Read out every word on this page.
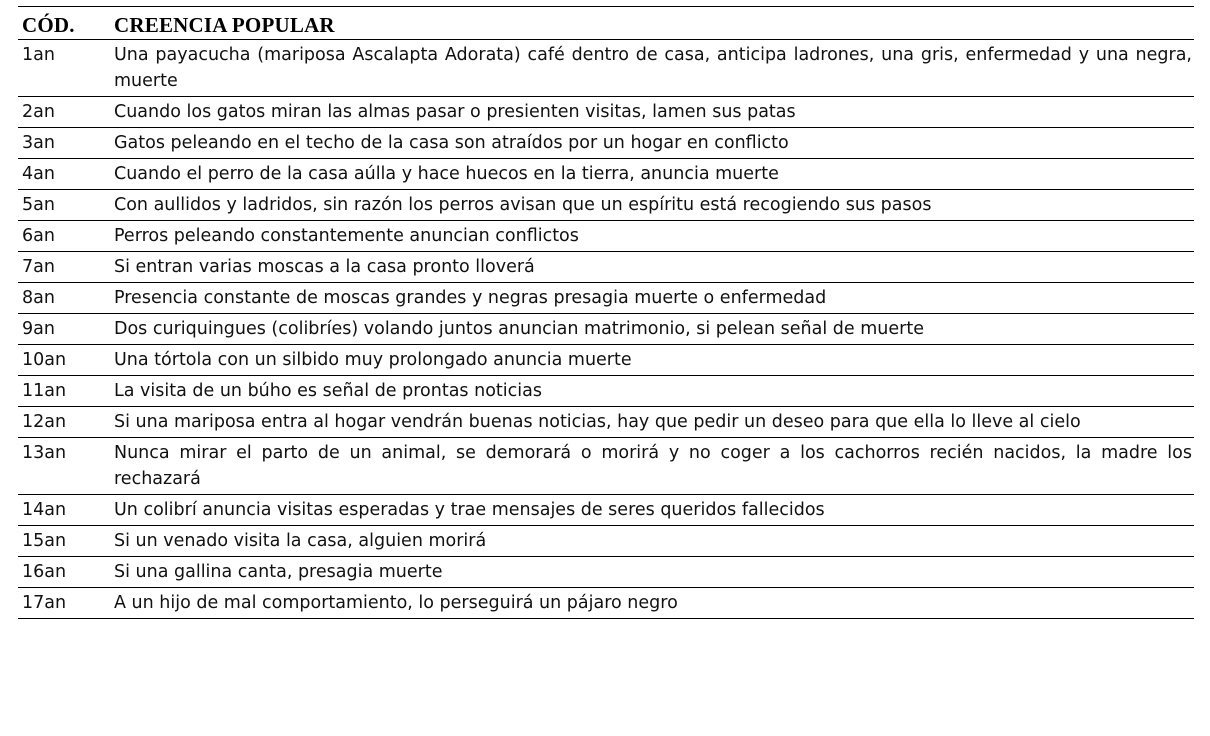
CÓD.	CREENCIA POPULAR
1an	Una payacucha (mariposa Ascalapta Adorata) café dentro de casa, anticipa ladrones, una gris, enfermedad y una negra, muerte
2an	Cuando los gatos miran las almas pasar o presienten visitas, lamen sus patas
3an	Gatos peleando en el techo de la casa son atraídos por un hogar en conflicto
4an	Cuando el perro de la casa aúlla y hace huecos en la tierra, anuncia muerte
5an	Con aullidos y ladridos, sin razón los perros avisan que un espíritu está recogiendo sus pasos
6an	Perros peleando constantemente anuncian conflictos
7an	Si entran varias moscas a la casa pronto lloverá
8an	Presencia constante de moscas grandes y negras presagia muerte o enfermedad
9an	Dos curiquingues (colibríes) volando juntos anuncian matrimonio, si pelean señal de muerte
10an	Una tórtola con un silbido muy prolongado anuncia muerte
11an	La visita de un búho es señal de prontas noticias
12an	Si una mariposa entra al hogar vendrán buenas noticias, hay que pedir un deseo para que ella lo lleve al cielo
13an	Nunca mirar el parto de un animal, se demorará o morirá y no coger a los cachorros recién nacidos, la madre los rechazará
14an	Un colibrí anuncia visitas esperadas y trae mensajes de seres queridos fallecidos
15an	Si un venado visita la casa, alguien morirá
16an	Si una gallina canta, presagia muerte
17an	A un hijo de mal comportamiento, lo perseguirá un pájaro negro
